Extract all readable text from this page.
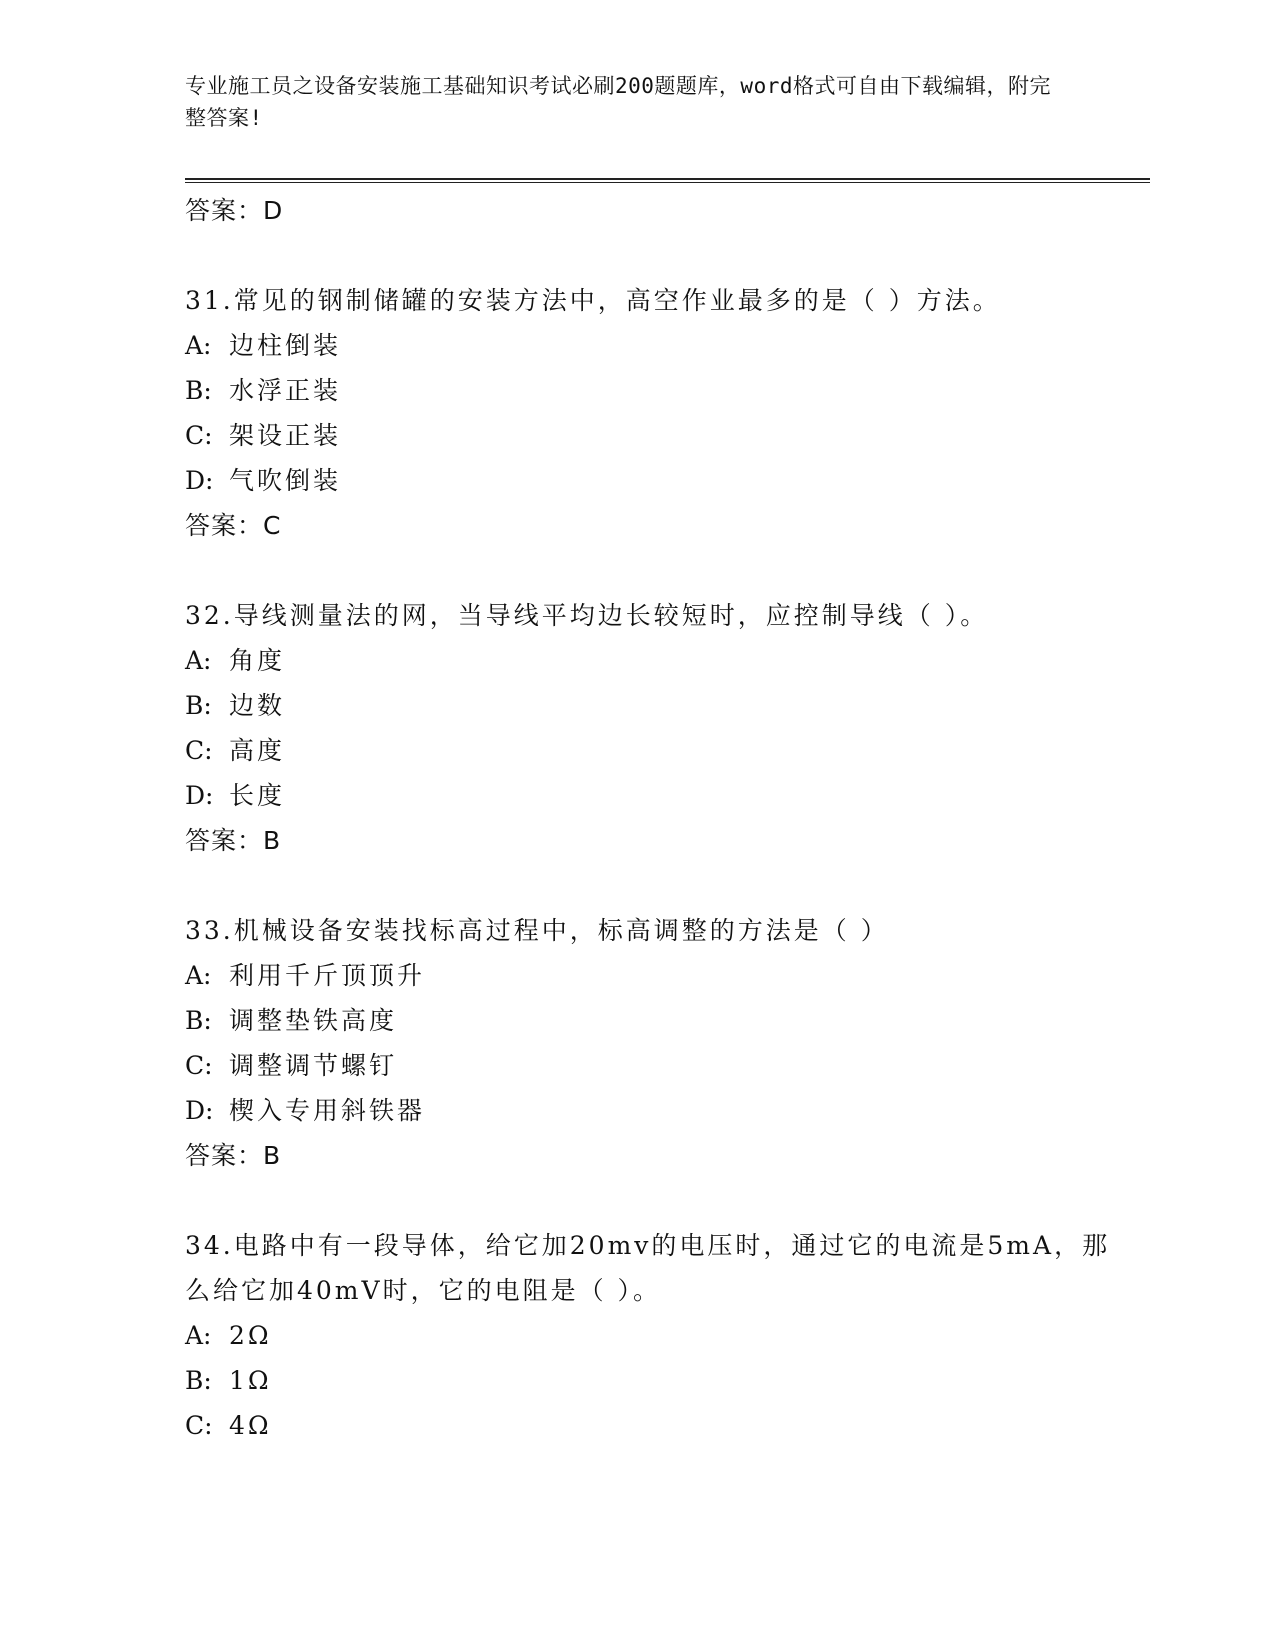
专业施工员之设备安装施工基础知识考试必刷200题题库，word格式可自由下载编辑，附完整答案!
答案：D
31.常见的钢制储罐的安装方法中，高空作业最多的是（ ）方法。
A: 边柱倒装
B: 水浮正装
C: 架设正装
D: 气吹倒装
答案：C
32.导线测量法的网，当导线平均边长较短时，应控制导线（ ）。
A: 角度
B: 边数
C: 高度
D: 长度
答案：B
33.机械设备安装找标高过程中，标高调整的方法是（ ）
A: 利用千斤顶顶升
B: 调整垫铁高度
C: 调整调节螺钉
D: 楔入专用斜铁器
答案：B
34.电路中有一段导体，给它加20mv的电压时，通过它的电流是5mA，那么给它加40mV时，它的电阻是（ ）。
A: 2Ω
B: 1Ω
C: 4Ω
